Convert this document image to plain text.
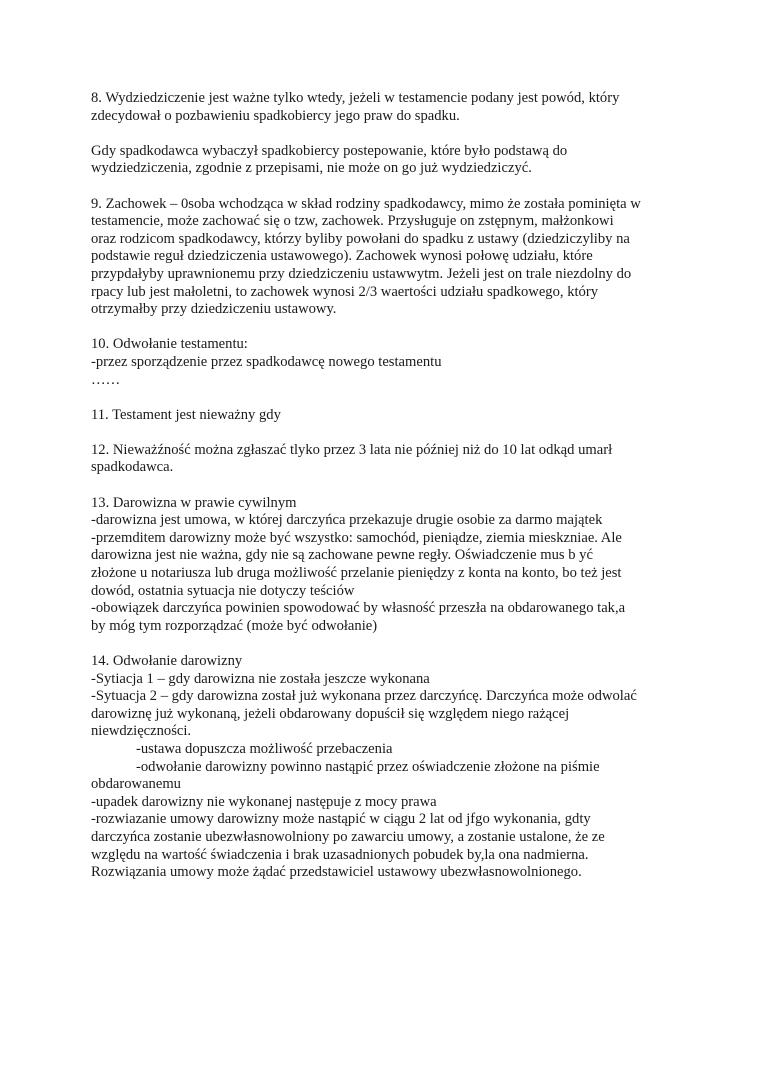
8. Wydziedziczenie jest ważne tylko wtedy, jeżeli w testamencie podany jest powód, który
zdecydował o pozbawieniu spadkobiercy jego praw do spadku.
Gdy spadkodawca wybaczył spadkobiercy postepowanie, które było podstawą do
wydziedziczenia, zgodnie z przepisami, nie może on go już wydziedziczyć.
9. Zachowek – 0soba wchodząca w skład rodziny spadkodawcy, mimo że została pominięta w
testamencie, może zachować się o tzw, zachowek. Przysługuje on zstępnym, małżonkowi
oraz rodzicom spadkodawcy, którzy byliby powołani do spadku z ustawy (dziedziczyliby na
podstawie reguł dziedziczenia ustawowego). Zachowek wynosi połowę udziału, które
przypdałyby uprawnionemu przy dziedziczeniu ustawwytm. Jeżeli jest on trale niezdolny do
rpacy lub jest małoletni, to zachowek wynosi 2/3 waertości udziału spadkowego, który
otrzymałby przy dziedziczeniu ustawowy.
10. Odwołanie testamentu:
-przez sporządzenie przez spadkodawcę nowego testamentu
……
11. Testament jest nieważny gdy
12. Nieważźność można zgłaszać tlyko przez 3 lata nie później niż do 10 lat odkąd umarł
spadkodawca.
13. Darowizna w prawie cywilnym
-darowizna jest umowa, w której darczyńca przekazuje drugie osobie za darmo majątek
-przemditem darowizny może być wszystko: samochód, pieniądze, ziemia mieskzniae. Ale
darowizna jest nie ważna, gdy nie są zachowane pewne regły. Oświadczenie mus b yć
złożone u notariusza lub druga możliwość przelanie pieniędzy z konta na konto, bo też jest
dowód, ostatnia sytuacja nie dotyczy teściów
-obowiązek darczyńca powinien spowodować by własność przeszła na obdarowanego tak,a
by móg tym rozporządzać (może być odwołanie)
14. Odwołanie darowizny
-Sytiacja 1 – gdy darowizna nie została jeszcze wykonana
-Sytuacja 2 – gdy darowizna został już wykonana przez darczyńcę. Darczyńca może odwolać
darowiznę już wykonaną, jeżeli obdarowany dopuścił się względem niego rażącej
niewdzięczności.
-ustawa dopuszcza możliwość przebaczenia
-odwołanie darowizny powinno nastąpić przez oświadczenie złożone na piśmie
obdarowanemu
-upadek darowizny nie wykonanej następuje z mocy prawa
-rozwiazanie umowy darowizny może nastąpić w ciągu 2 lat od jfgo wykonania, gdty
darczyńca zostanie ubezwłasnowolniony po zawarciu umowy, a zostanie ustalone, że ze
względu na wartość świadczenia i brak uzasadnionych pobudek by,la ona nadmierna.
Rozwiązania umowy może żądać przedstawiciel ustawowy ubezwłasnowolnionego.
